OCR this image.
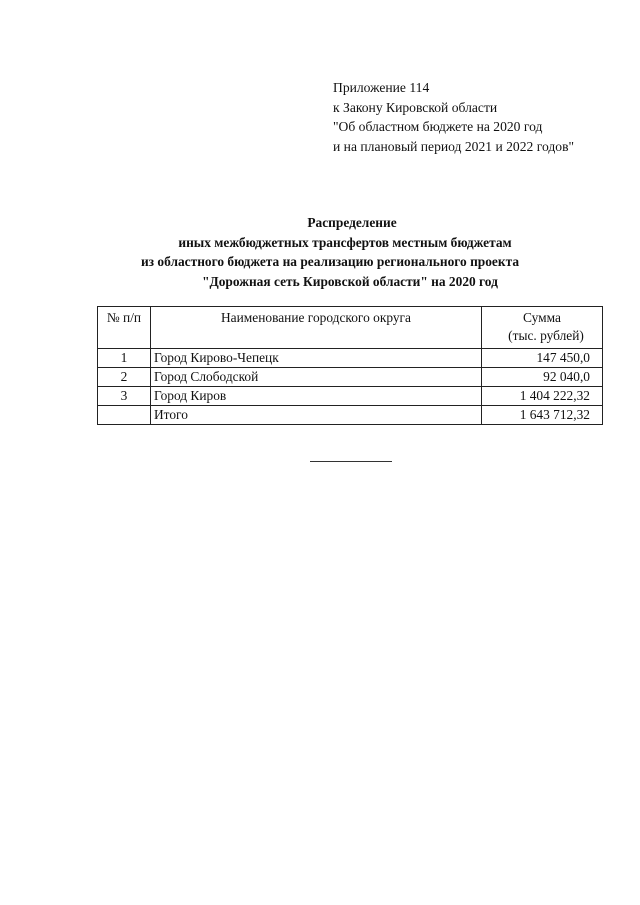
Приложение 114
к Закону Кировской области
"Об областном бюджете на 2020 год
и на плановый период 2021 и 2022 годов"
Распределение
иных межбюджетных трансфертов местным бюджетам
из областного бюджета на реализацию регионального проекта
"Дорожная сеть Кировской области" на 2020 год
№ п/п	Наименование городского округа	Сумма

(тыс. рублей)

1	Город Кирово-Чепецк	147 450,0
2	Город Слободской	92 040,0
3	Город Киров	1 404 222,32
	Итого	1 643 712,32
